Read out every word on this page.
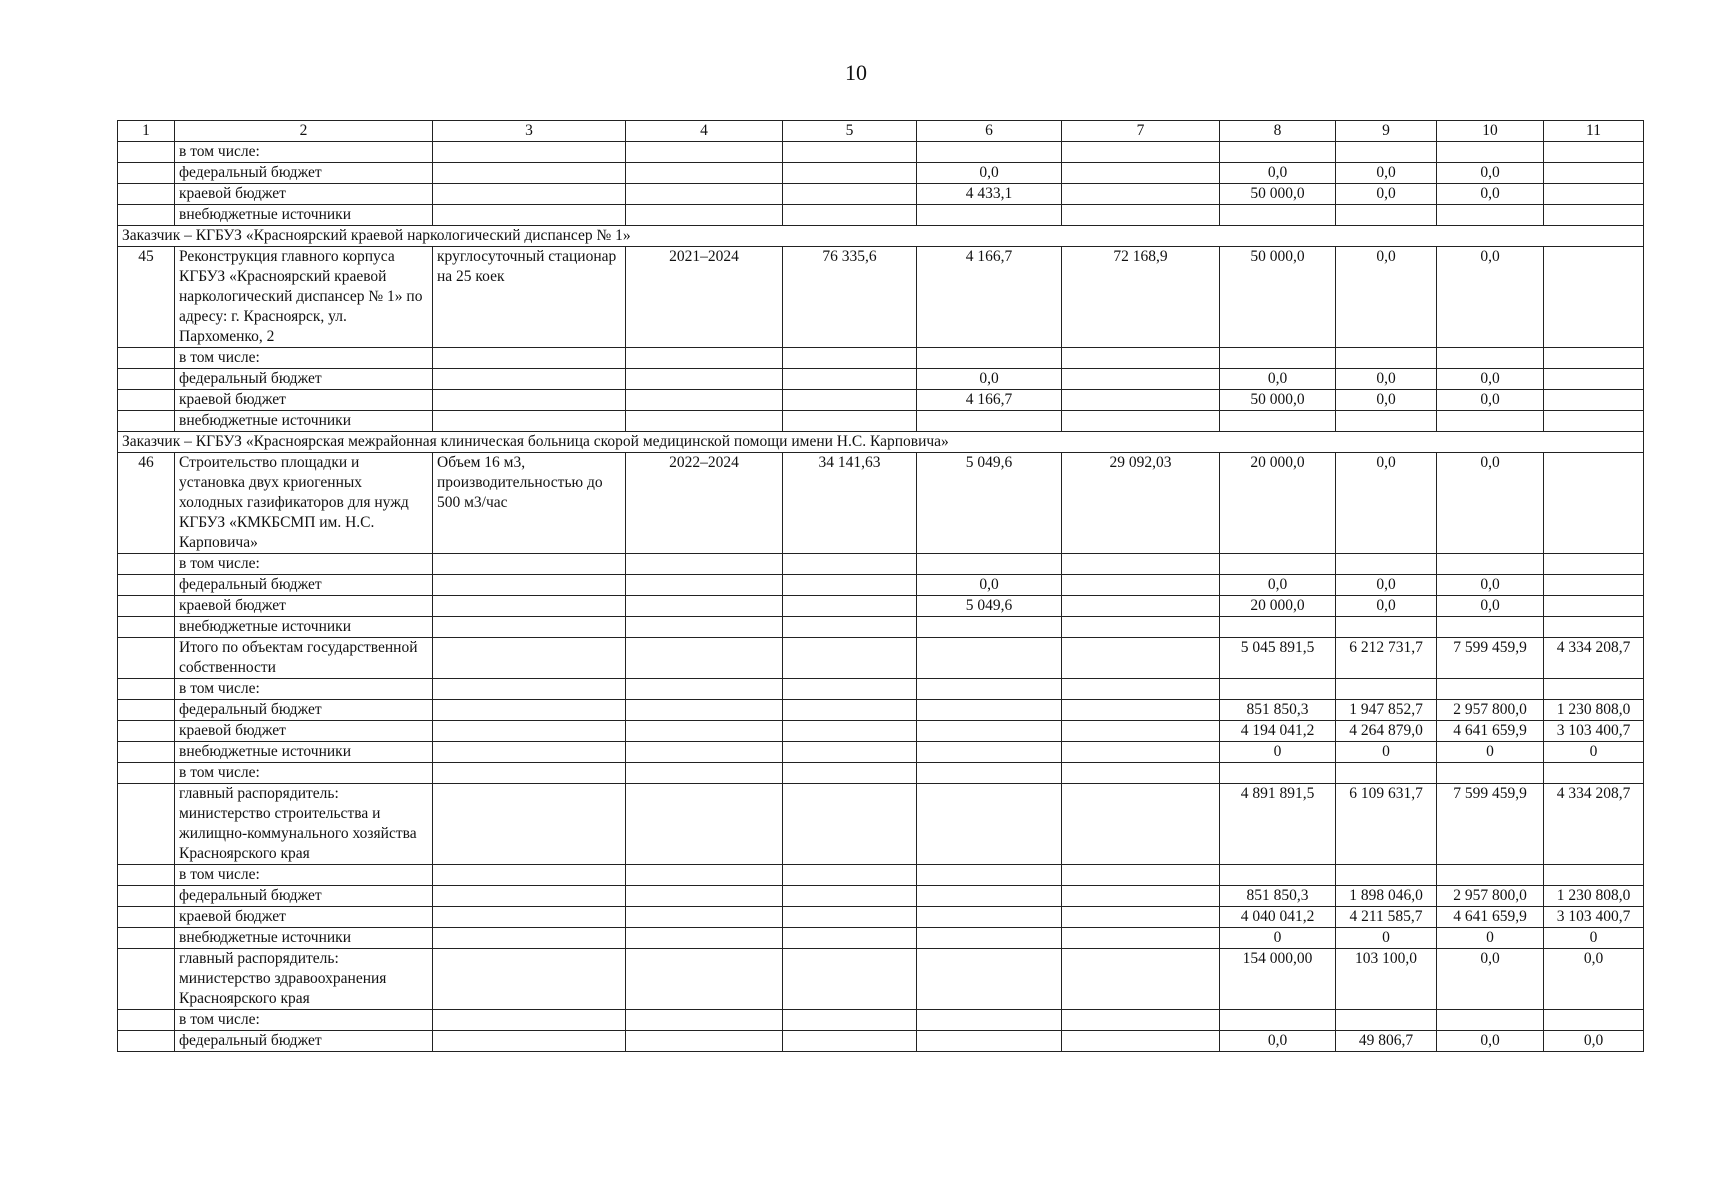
10
1	2	3	4	5	6	7	8	9	10	11
	в том числе:									
	федеральный бюджет				0,0		0,0	0,0	0,0	
	краевой бюджет				4 433,1		50 000,0	0,0	0,0	
	внебюджетные источники									
Заказчик – КГБУЗ «Красноярский краевой наркологический диспансер № 1»										
45	Реконструкция главного корпуса КГБУЗ «Красноярский краевой наркологический диспансер № 1» по адресу: г. Красноярск, ул. Пархоменко, 2	круглосуточный стационар на 25 коек	2021–2024	76 335,6	4 166,7	72 168,9	50 000,0	0,0	0,0	
	в том числе:									
	федеральный бюджет				0,0		0,0	0,0	0,0	
	краевой бюджет				4 166,7		50 000,0	0,0	0,0	
	внебюджетные источники									
Заказчик – КГБУЗ «Красноярская межрайонная клиническая больница скорой медицинской помощи имени Н.С. Карповича»										
46	Строительство площадки и установка двух криогенных холодных газификаторов для нужд КГБУЗ «КМКБСМП им. Н.С. Карповича»	Объем 16 м3, производительностью до 500 м3/час	2022–2024	34 141,63	5 049,6	29 092,03	20 000,0	0,0	0,0	
	в том числе:									
	федеральный бюджет				0,0		0,0	0,0	0,0	
	краевой бюджет				5 049,6		20 000,0	0,0	0,0	
	внебюджетные источники									
	Итого по объектам государственной собственности						5 045 891,5	6 212 731,7	7 599 459,9	4 334 208,7
	в том числе:									
	федеральный бюджет						851 850,3	1 947 852,7	2 957 800,0	1 230 808,0
	краевой бюджет						4 194 041,2	4 264 879,0	4 641 659,9	3 103 400,7
	внебюджетные источники						0	0	0	0
	в том числе:									
	главный распорядитель: министерство строительства и жилищно-коммунального хозяйства Красноярского края						4 891 891,5	6 109 631,7	7 599 459,9	4 334 208,7
	в том числе:									
	федеральный бюджет						851 850,3	1 898 046,0	2 957 800,0	1 230 808,0
	краевой бюджет						4 040 041,2	4 211 585,7	4 641 659,9	3 103 400,7
	внебюджетные источники						0	0	0	0
	главный распорядитель: министерство здравоохранения Красноярского края						154 000,00	103 100,0	0,0	0,0
	в том числе:									
	федеральный бюджет						0,0	49 806,7	0,0	0,0
